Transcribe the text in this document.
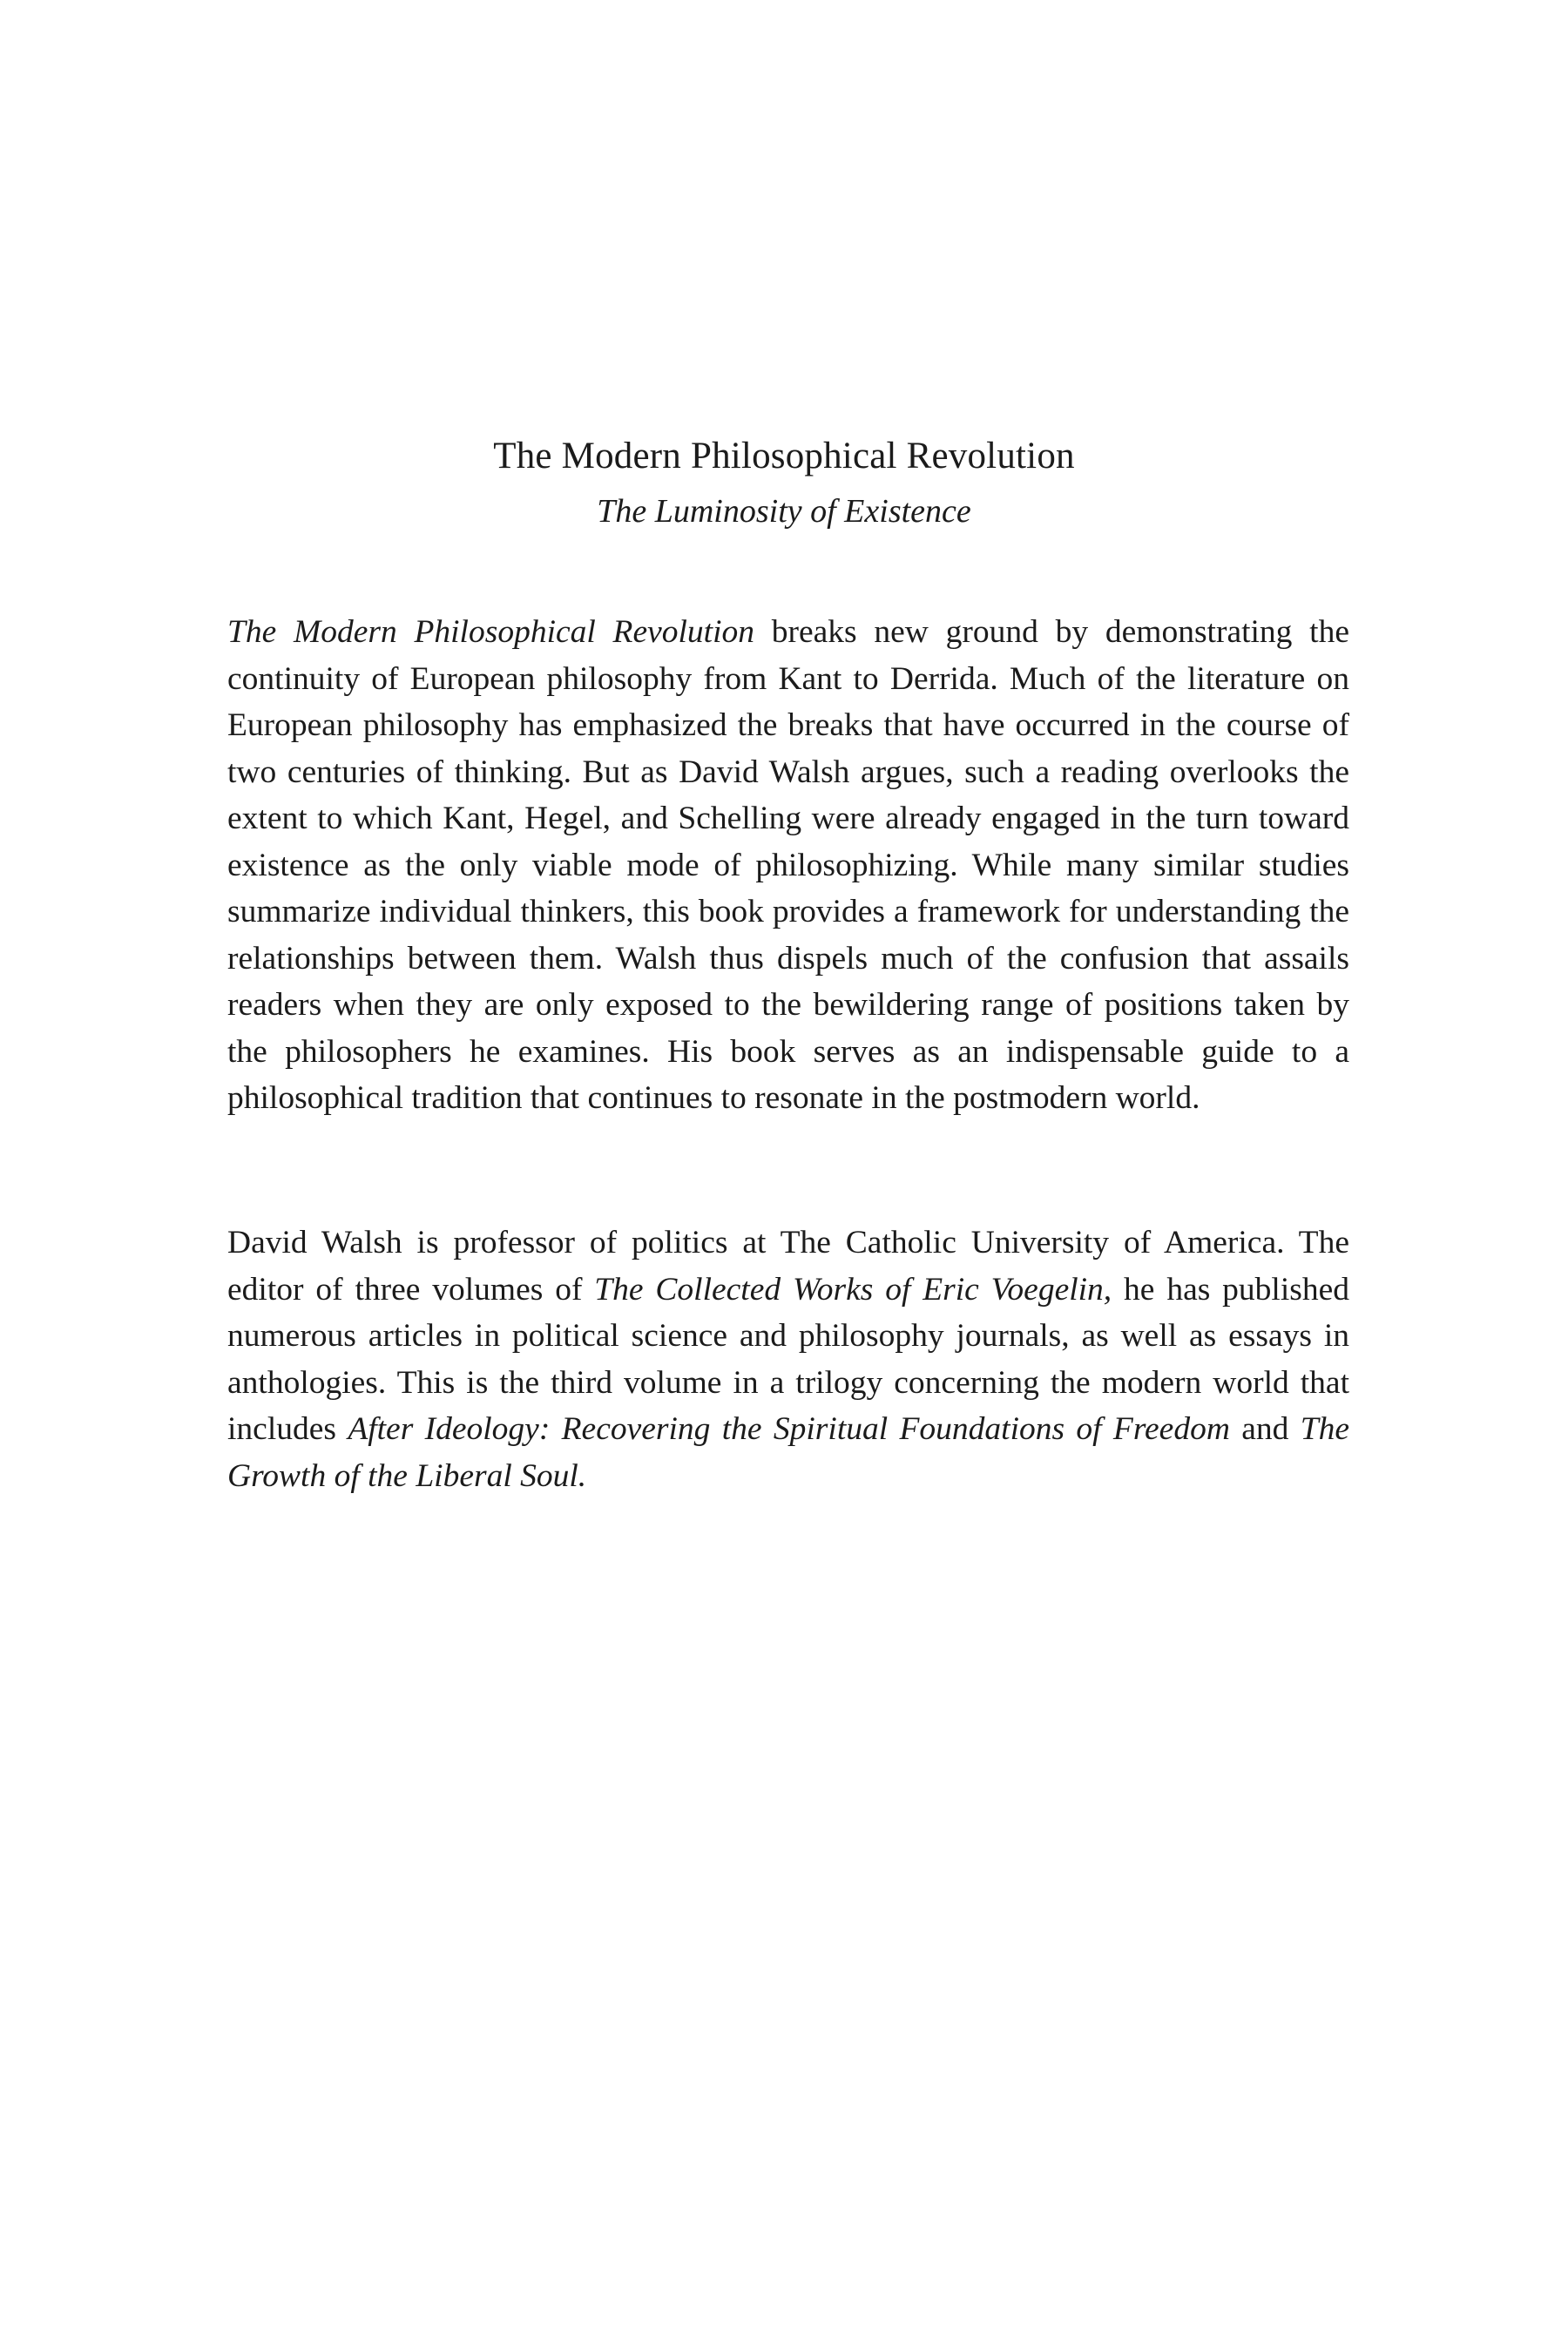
The Modern Philosophical Revolution
The Luminosity of Existence

The Modern Philosophical Revolution breaks new ground by demonstrating the continuity of European philosophy from Kant to Derrida. Much of the literature on European philosophy has emphasized the breaks that have occurred in the course of two centuries of thinking. But as David Walsh argues, such a reading overlooks the extent to which Kant, Hegel, and Schelling were already engaged in the turn toward existence as the only viable mode of philosophizing. While many similar studies summarize individual thinkers, this book provides a framework for understanding the relationships between them. Walsh thus dispels much of the confusion that assails readers when they are only exposed to the bewildering range of positions taken by the philosophers he examines. His book serves as an indispensable guide to a philosophical tradition that continues to resonate in the postmodern world.

David Walsh is professor of politics at The Catholic University of America. The editor of three volumes of The Collected Works of Eric Voegelin, he has published numerous articles in political science and philosophy journals, as well as essays in anthologies. This is the third volume in a trilogy concerning the modern world that includes After Ideology: Recovering the Spiritual Foundations of Freedom and The Growth of the Liberal Soul.
